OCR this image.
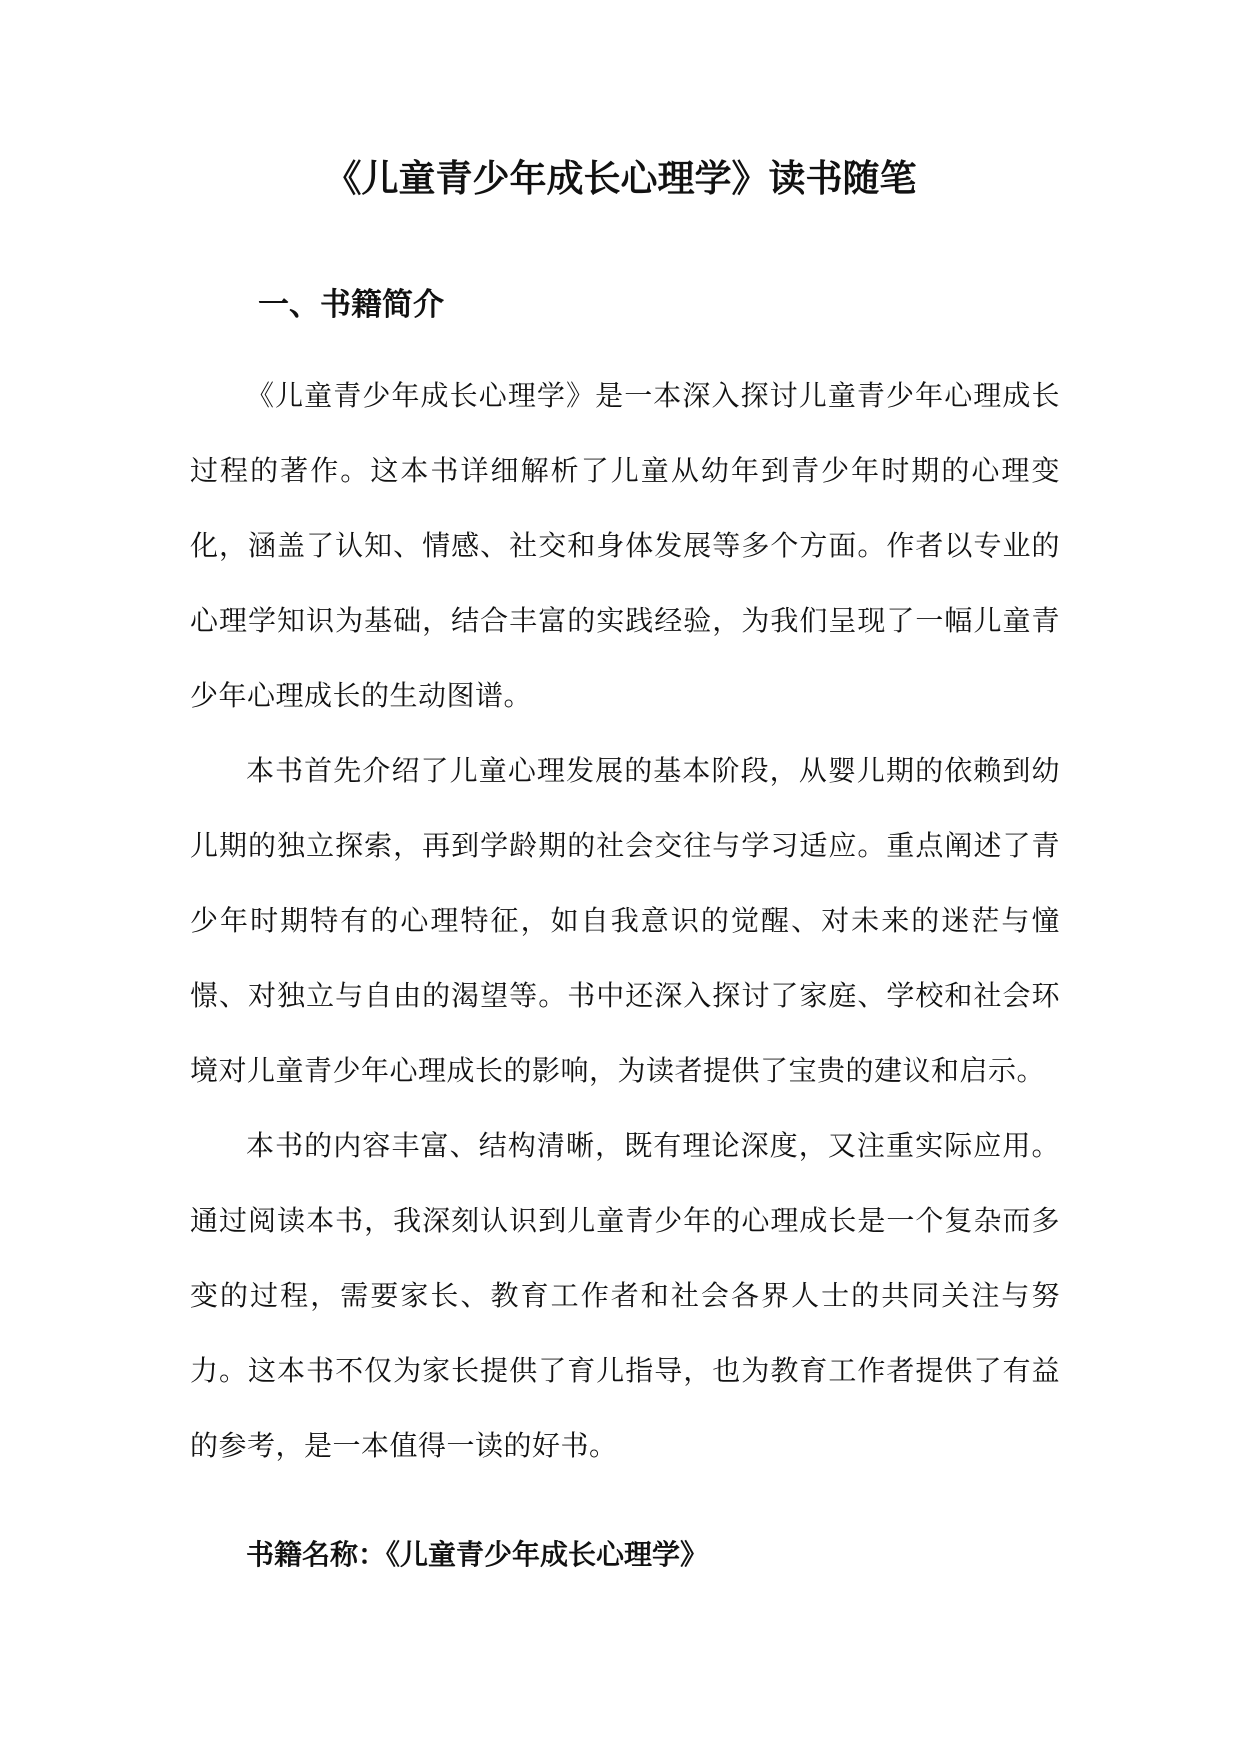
《儿童青少年成长心理学》读书随笔
一、书籍简介

《儿童青少年成长心理学》是一本深入探讨儿童青少年心理成长过程的著作。这本书详细解析了儿童从幼年到青少年时期的心理变化，涵盖了认知、情感、社交和身体发展等多个方面。作者以专业的心理学知识为基础，结合丰富的实践经验，为我们呈现了一幅儿童青少年心理成长的生动图谱。

本书首先介绍了儿童心理发展的基本阶段，从婴儿期的依赖到幼儿期的独立探索，再到学龄期的社会交往与学习适应。重点阐述了青少年时期特有的心理特征，如自我意识的觉醒、对未来的迷茫与憧憬、对独立与自由的渴望等。书中还深入探讨了家庭、学校和社会环境对儿童青少年心理成长的影响，为读者提供了宝贵的建议和启示。

本书的内容丰富、结构清晰，既有理论深度，又注重实际应用。通过阅读本书，我深刻认识到儿童青少年的心理成长是一个复杂而多变的过程，需要家长、教育工作者和社会各界人士的共同关注与努力。这本书不仅为家长提供了育儿指导，也为教育工作者提供了有益的参考，是一本值得一读的好书。

书籍名称：《儿童青少年成长心理学》
